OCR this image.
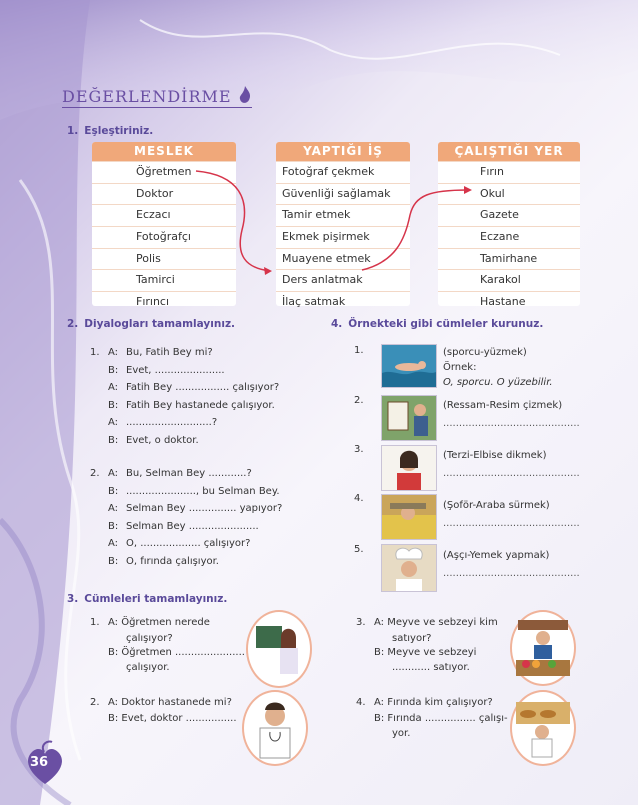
DEĞERLENDİRME
1. Eşleştiriniz.
MESLEK
Öğretmen
Doktor
Eczacı
Fotoğrafçı
Polis
Tamirci
Fırıncı
YAPTIĞI İŞ
Fotoğraf çekmek
Güvenliği sağlamak
Tamir etmek
Ekmek pişirmek
Muayene etmek
Ders anlatmak
İlaç satmak
ÇALIŞTIĞI YER
Fırın
Okul
Gazete
Eczane
Tamirhane
Karakol
Hastane
2. Diyalogları tamamlayınız.
1. A: Bu, Fatih Bey mi?
B: Evet, ......................
A: Fatih Bey ................. çalışıyor?
B: Fatih Bey hastanede çalışıyor.
A: ...........................?
B: Evet, o doktor.
2. A: Bu, Selman Bey ............?
B: ......................, bu Selman Bey.
A: Selman Bey ............... yapıyor?
B: Selman Bey ......................
A: O, ................... çalışıyor?
B: O, fırında çalışıyor.
4. Örnekteki gibi cümleler kurunuz.
1.	(sporcu-yüzmek)
Örnek:
O, sporcu. O yüzebilir.
2.	(Ressam-Resim çizmek)
...........................................
3.
(Terzi-Elbise dikmek)
...........................................
4.
(Şoför-Araba sürmek)
...........................................
5.
(Aşçı-Yemek yapmak)
...........................................
3. Cümleleri tamamlayınız.
1. A: Öğretmen nerede
çalışıyor?
B: Öğretmen ......................
çalışıyor.
2. A: Doktor hastanede mi?
B: Evet, doktor ................
3. A: Meyve ve sebzeyi kim
satıyor?
B: Meyve ve sebzeyi
............ satıyor.
4. A: Fırında kim çalışıyor?
B: Fırında ................ çalışı-
yor.
36
